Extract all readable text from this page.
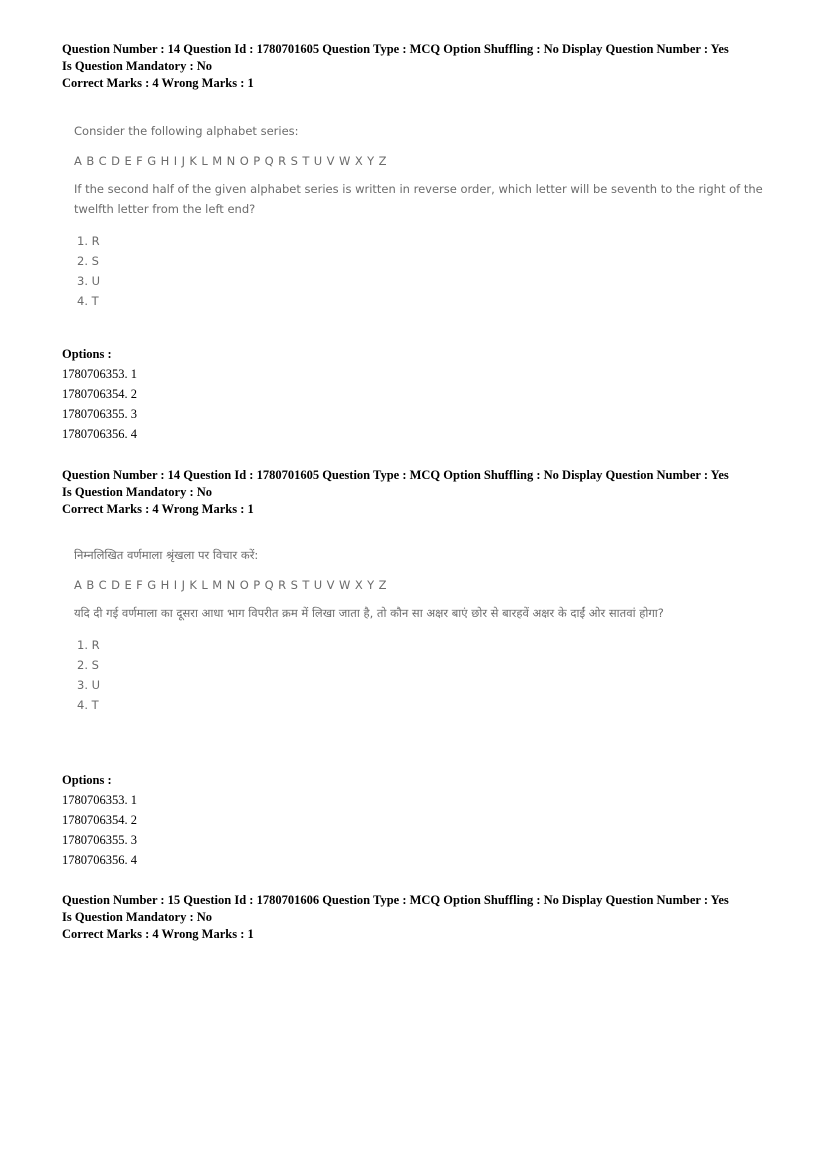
Question Number : 14 Question Id : 1780701605 Question Type : MCQ Option Shuffling : No Display Question Number : Yes
Is Question Mandatory : No
Correct Marks : 4 Wrong Marks : 1
Consider the following alphabet series:
A B C D E F G H I J K L M N O P Q R S T U V W X Y Z
If the second half of the given alphabet series is written in reverse order, which letter will be seventh to the right of the twelfth letter from the left end?
1. R
2. S
3. U
4. T
Options :
1780706353. 1
1780706354. 2
1780706355. 3
1780706356. 4
Question Number : 14 Question Id : 1780701605 Question Type : MCQ Option Shuffling : No Display Question Number : Yes
Is Question Mandatory : No
Correct Marks : 4 Wrong Marks : 1
निम्नलिखित वर्णमाला श्रृंखला पर विचार करें:
A B C D E F G H I J K L M N O P Q R S T U V W X Y Z
यदि दी गई वर्णमाला का दूसरा आधा भाग विपरीत क्रम में लिखा जाता है, तो कौन सा अक्षर बाएं छोर से बारहवें अक्षर के दाईं ओर सातवां होगा?
1. R
2. S
3. U
4. T
Options :
1780706353. 1
1780706354. 2
1780706355. 3
1780706356. 4
Question Number : 15 Question Id : 1780701606 Question Type : MCQ Option Shuffling : No Display Question Number : Yes
Is Question Mandatory : No
Correct Marks : 4 Wrong Marks : 1
